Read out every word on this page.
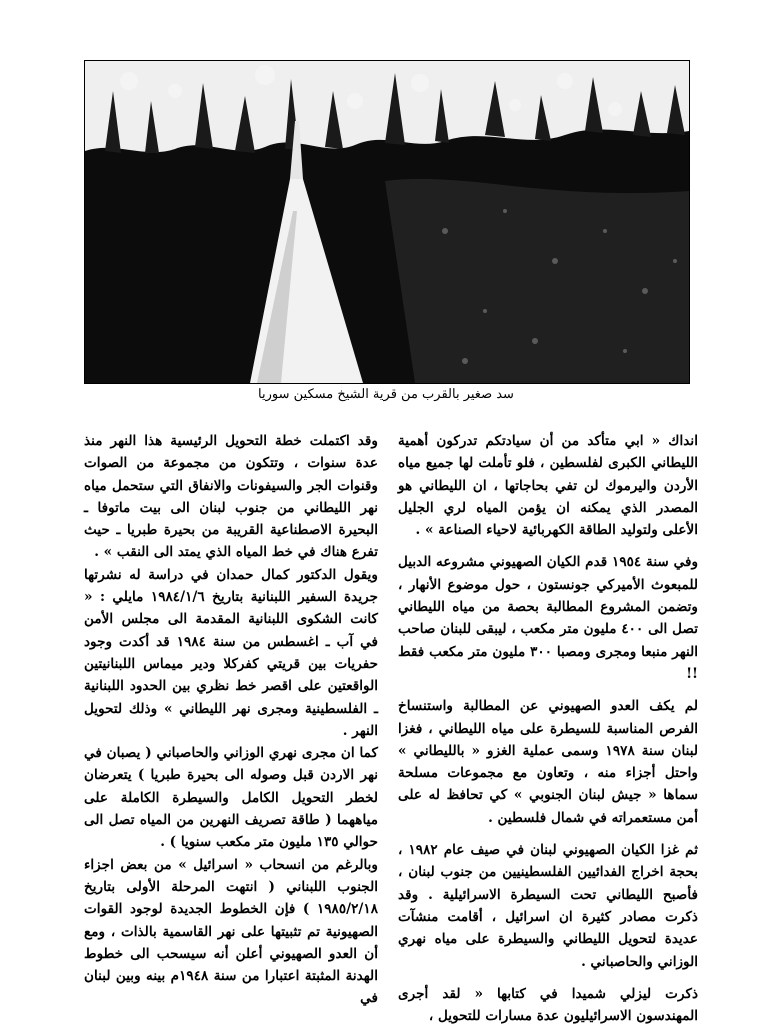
سد صغير بالقرب من قرية الشيخ مسكين سوريا

انداك « ابي متأكد من أن سيادتكم تدركون أهمية الليطاني الكبرى لفلسطين ، فلو تأملت لها جميع مياه الأردن واليرموك لن تفي بحاجاتها ، ان الليطاني هو المصدر الذي يمكنه ان يؤمن المياه لري الجليل الأعلى ولتوليد الطاقة الكهربائية لاحياء الصناعة » .

وفي سنة ١٩٥٤ قدم الكيان الصهيوني مشروعه الدبيل للمبعوث الأميركي جونستون ، حول موضوع الأنهار ، وتضمن المشروع المطالبة بحصة من مياه الليطاني تصل الى ٤٠٠ مليون متر مكعب ، ليبقى للبنان صاحب النهر منبعا ومجرى ومصبا ٣٠٠ مليون متر مكعب فقط !!

لم يكف العدو الصهيوني عن المطالبة واستنساخ الفرص المناسبة للسيطرة على مياه الليطاني ، فغزا لبنان سنة ١٩٧٨ وسمى عملية الغزو « بالليطاني » واحتل أجزاء منه ، وتعاون مع مجموعات مسلحة سماها « جيش لبنان الجنوبي » كي تحافظ له على أمن مستعمراته في شمال فلسطين .

ثم غزا الكيان الصهيوني لبنان في صيف عام ١٩٨٢ ، بحجة اخراج الفدائيين الفلسطينيين من جنوب لبنان ، فأصبح الليطاني تحت السيطرة الاسرائيلية . وقد ذكرت مصادر كثيرة ان اسرائيل ، أقامت منشآت عديدة لتحويل الليطاني والسيطرة على مياه نهري الوزاني والحاصباني .

ذكرت ليزلي شميدا في كتابها « لقد أجرى المهندسون الاسرائيليون عدة مسارات للتحويل ،

وقد اكتملت خطة التحويل الرئيسية هذا النهر منذ عدة سنوات ، وتتكون من مجموعة من الصوات وقنوات الجر والسيفونات والانفاق التي ستحمل مياه نهر الليطاني من جنوب لبنان الى بيت ماتوفا ـ البحيرة الاصطناعية القريبة من بحيرة طبريا ـ حيث تفرع هناك في خط المياه الذي يمتد الى النقب » .

ويقول الدكتور كمال حمدان في دراسة له نشرتها جريدة السفير اللبنانية بتاريخ ١٩٨٤/١/٦ مايلي : « كانت الشكوى اللبنانية المقدمة الى مجلس الأمن في آب ـ اغسطس من سنة ١٩٨٤ قد أكدت وجود حفريات بين قريتي كفركلا ودير ميماس اللبنانيتين الواقعتين على اقصر خط نظري بين الحدود اللبنانية ـ الفلسطينية ومجرى نهر الليطاني » وذلك لتحويل النهر .

كما ان مجرى نهري الوزاني والحاصباني ( يصبان في نهر الاردن قبل وصوله الى بحيرة طبريا ) يتعرضان لخطر التحويل الكامل والسيطرة الكاملة على مياههما ( طاقة تصريف النهرين من المياه تصل الى حوالي ١٣٥ مليون متر مكعب سنويا ) .

وبالرغم من انسحاب « اسرائيل » من بعض اجزاء الجنوب اللبناني ( انتهت المرحلة الأولى بتاريخ ١٩٨٥/٢/١٨ ) فإن الخطوط الجديدة لوجود القوات الصهيونية تم تثبيتها على نهر القاسمية بالذات ، ومع أن العدو الصهيوني أعلن أنه سيسحب الى خطوط الهدنة المثبتة اعتبارا من سنة ١٩٤٨م بينه وبين لبنان في
